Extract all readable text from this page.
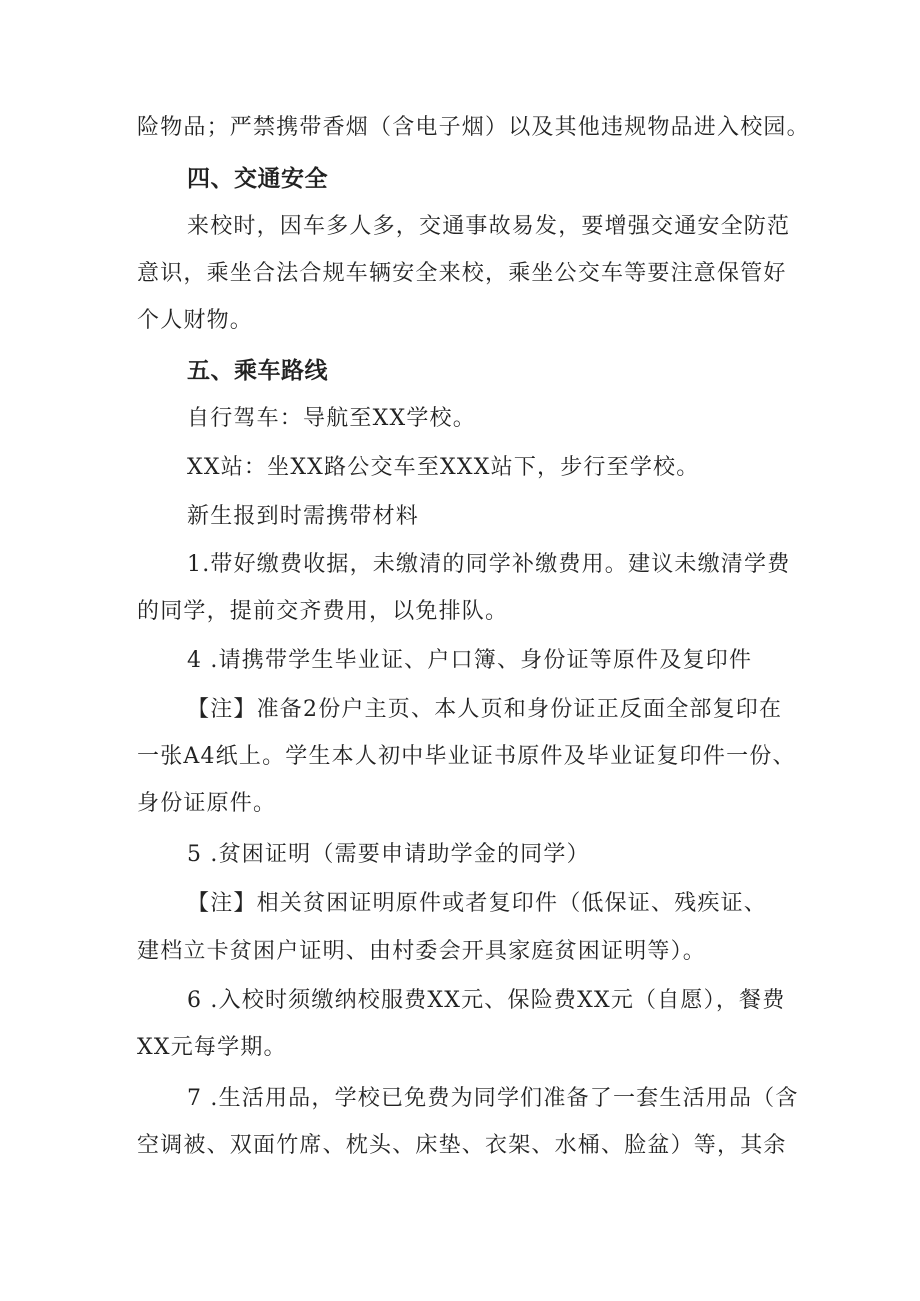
险物品；严禁携带香烟（含电子烟）以及其他违规物品进入校园。
四、交通安全
来校时，因车多人多，交通事故易发，要增强交通安全防范
意识，乘坐合法合规车辆安全来校，乘坐公交车等要注意保管好
个人财物。
五、乘车路线
自行驾车：导航至XX学校。
XX站：坐XX路公交车至XXX站下，步行至学校。
新生报到时需携带材料
1.带好缴费收据，未缴清的同学补缴费用。建议未缴清学费
的同学，提前交齐费用，以免排队。
4 .请携带学生毕业证、户口簿、身份证等原件及复印件
【注】准备2份户主页、本人页和身份证正反面全部复印在
一张A4纸上。学生本人初中毕业证书原件及毕业证复印件一份、
身份证原件。
5 .贫困证明（需要申请助学金的同学）
【注】相关贫困证明原件或者复印件（低保证、残疾证、
建档立卡贫困户证明、由村委会开具家庭贫困证明等）。
6 .入校时须缴纳校服费XX元、保险费XX元（自愿），餐费
XX元每学期。
7 .生活用品，学校已免费为同学们准备了一套生活用品（含
空调被、双面竹席、枕头、床垫、衣架、水桶、脸盆）等，其余
